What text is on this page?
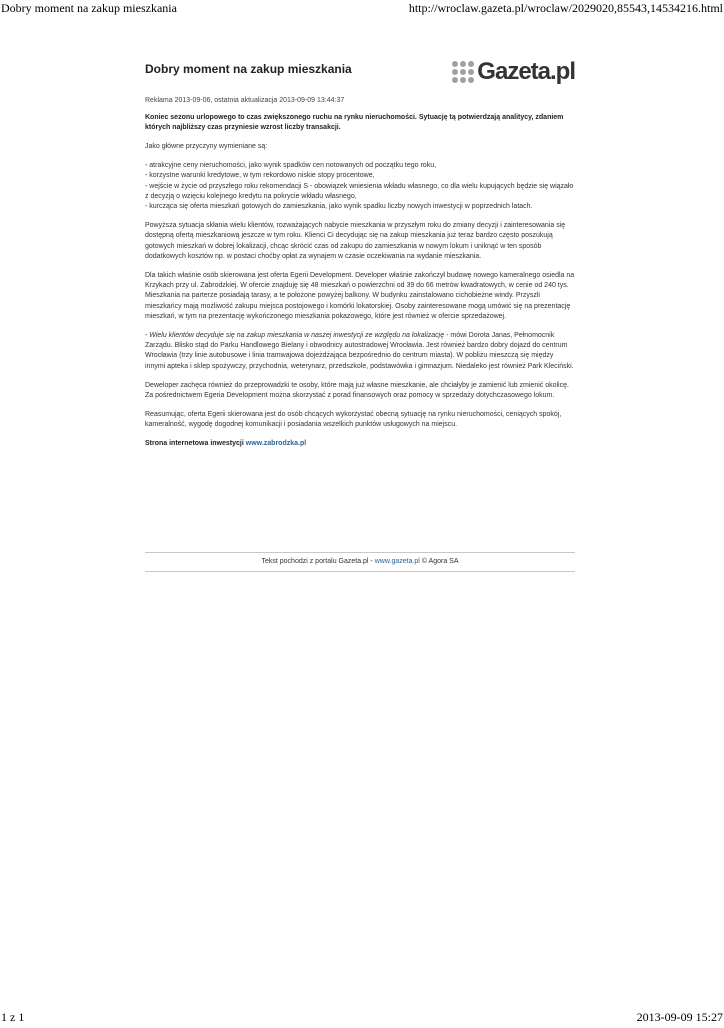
Dobry moment na zakup mieszkania	http://wroclaw.gazeta.pl/wroclaw/2029020,85543,14534216.html
Dobry moment na zakup mieszkania	Gazeta.pl
Reklama 2013-09-06, ostatnia aktualizacja 2013-09-09 13:44:37
Koniec sezonu urlopowego to czas zwiększonego ruchu na rynku nieruchomości. Sytuację tą potwierdzają analitycy, zdaniem których najbliższy czas przyniesie wzrost liczby transakcji.

Jako główne przyczyny wymieniane są:

- atrakcyjne ceny nieruchomości, jako wynik spadków cen notowanych od początku tego roku,
- korzystne warunki kredytowe, w tym rekordowo niskie stopy procentowe,
- wejście w życie od przyszłego roku rekomendacji S - obowiązek wniesienia wkładu własnego, co dla wielu kupujących będzie się wiązało z decyzją o wzięciu kolejnego kredytu na pokrycie wkładu własnego,
- kurcząca się oferta mieszkań gotowych do zamieszkania, jako wynik spadku liczby nowych inwestycji w poprzednich latach.

Powyższa sytuacja skłania wielu klientów, rozważających nabycie mieszkania w przyszłym roku do zmiany decyzji i zainteresowania się dostępną ofertą mieszkaniową jeszcze w tym roku. Klienci Ci decydując się na zakup mieszkania już teraz bardzo często poszukują gotowych mieszkań w dobrej lokalizacji, chcąc skrócić czas od zakupu do zamieszkania w nowym lokum i uniknąć w ten sposób dodatkowych kosztów np. w postaci choćby opłat za wynajem w czasie oczekiwania na wydanie mieszkania.

Dla takich właśnie osób skierowana jest oferta Egerii Development. Developer właśnie zakończył budowę nowego kameralnego osiedla na Krzykach przy ul. Zabrodzkiej. W ofercie znajduję się 48 mieszkań o powierzchni od 39 do 66 metrów kwadratowych, w cenie od 240 tys. Mieszkania na parterze posiadają tarasy, a te położone powyżej balkony. W budynku zainstalowano cichobieżne windy. Przyszli mieszkańcy mają możliwość zakupu miejsca postojowego i komórki lokatorskiej. Osoby zainteresowane mogą umówić się na prezentację mieszkań, w tym na prezentację wykończonego mieszkania pokazowego, które jest również w ofercie sprzedażowej.

- Wielu klientów decyduje się na zakup mieszkania w naszej inwestycji ze względu na lokalizację - mówi Dorota Janas, Pełnomocnik Zarządu. Blisko stąd do Parku Handlowego Bielany i obwodnicy autostradowej Wrocławia. Jest również bardzo dobry dojazd do centrum Wrocławia (trzy linie autobusowe i linia tramwajowa dojeżdżająca bezpośrednio do centrum miasta). W pobliżu mieszczą się między innymi apteka i sklep spożywczy, przychodnia, weterynarz, przedszkole, podstawówka i gimnazjum. Niedaleko jest również Park Kleciński.

Deweloper zachęca również do przeprowadzki te osoby, które mają już własne mieszkanie, ale chciałyby je zamienić lub zmienić okolicę. Za pośrednictwem Egeria Development można skorzystać z porad finansowych oraz pomocy w sprzedaży dotychczasowego lokum.

Reasumując, oferta Egerii skierowana jest do osób chcących wykorzystać obecną sytuację na rynku nieruchomości, ceniących spokój, kameralność, wygodę dogodnej komunikacji i posiadania wszelkich punktów usługowych na miejscu.

Strona internetowa inwestycji www.zabrodzka.pl
Tekst pochodzi z portalu Gazeta.pl - www.gazeta.pl © Agora SA
1 z 1	2013-09-09 15:27
